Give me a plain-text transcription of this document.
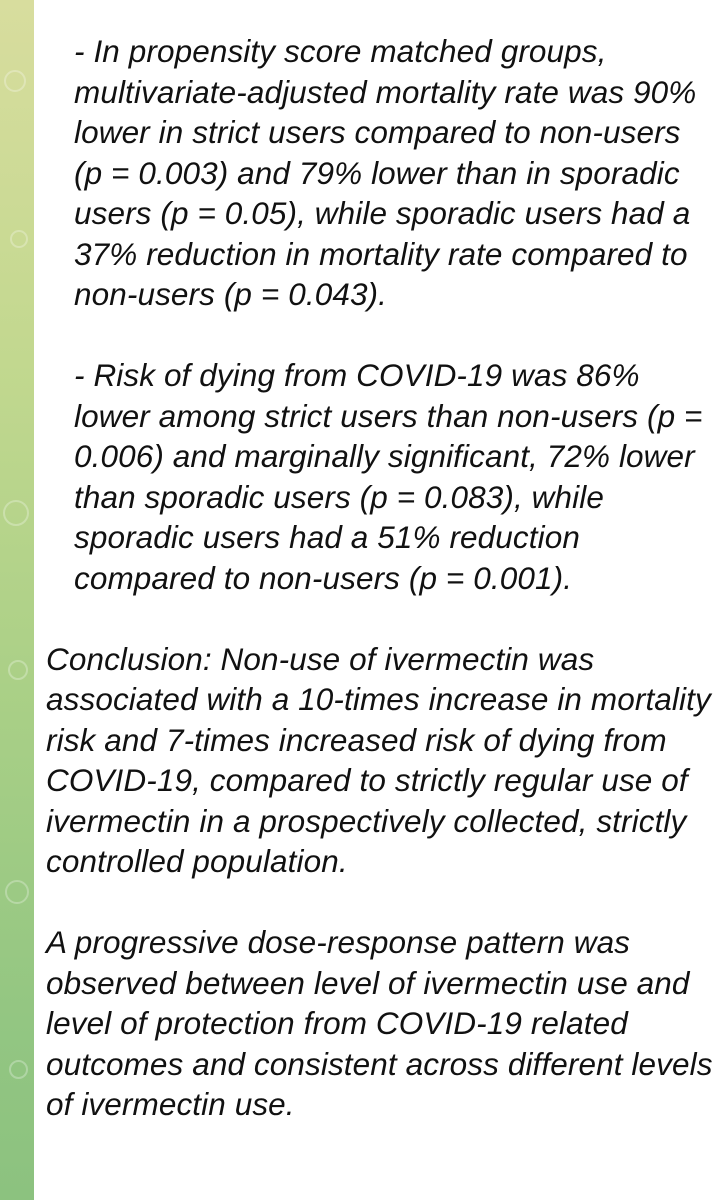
- In propensity score matched groups, multivariate-adjusted mortality rate was 90% lower in strict users compared to non-users (p = 0.003) and 79% lower than in sporadic users (p = 0.05), while sporadic users had a 37% reduction in mortality rate compared to non-users (p = 0.043).

- Risk of dying from COVID-19 was 86% lower among strict users than non-users (p = 0.006) and marginally significant, 72% lower than sporadic users (p = 0.083), while sporadic users had a 51% reduction compared to non-users (p = 0.001).

Conclusion: Non-use of ivermectin was associated with a 10-times increase in mortality risk and 7-times increased risk of dying from COVID-19, compared to strictly regular use of ivermectin in a prospectively collected, strictly controlled population.

A progressive dose-response pattern was observed between level of ivermectin use and level of protection from COVID-19 related outcomes and consistent across different levels of ivermectin use.
